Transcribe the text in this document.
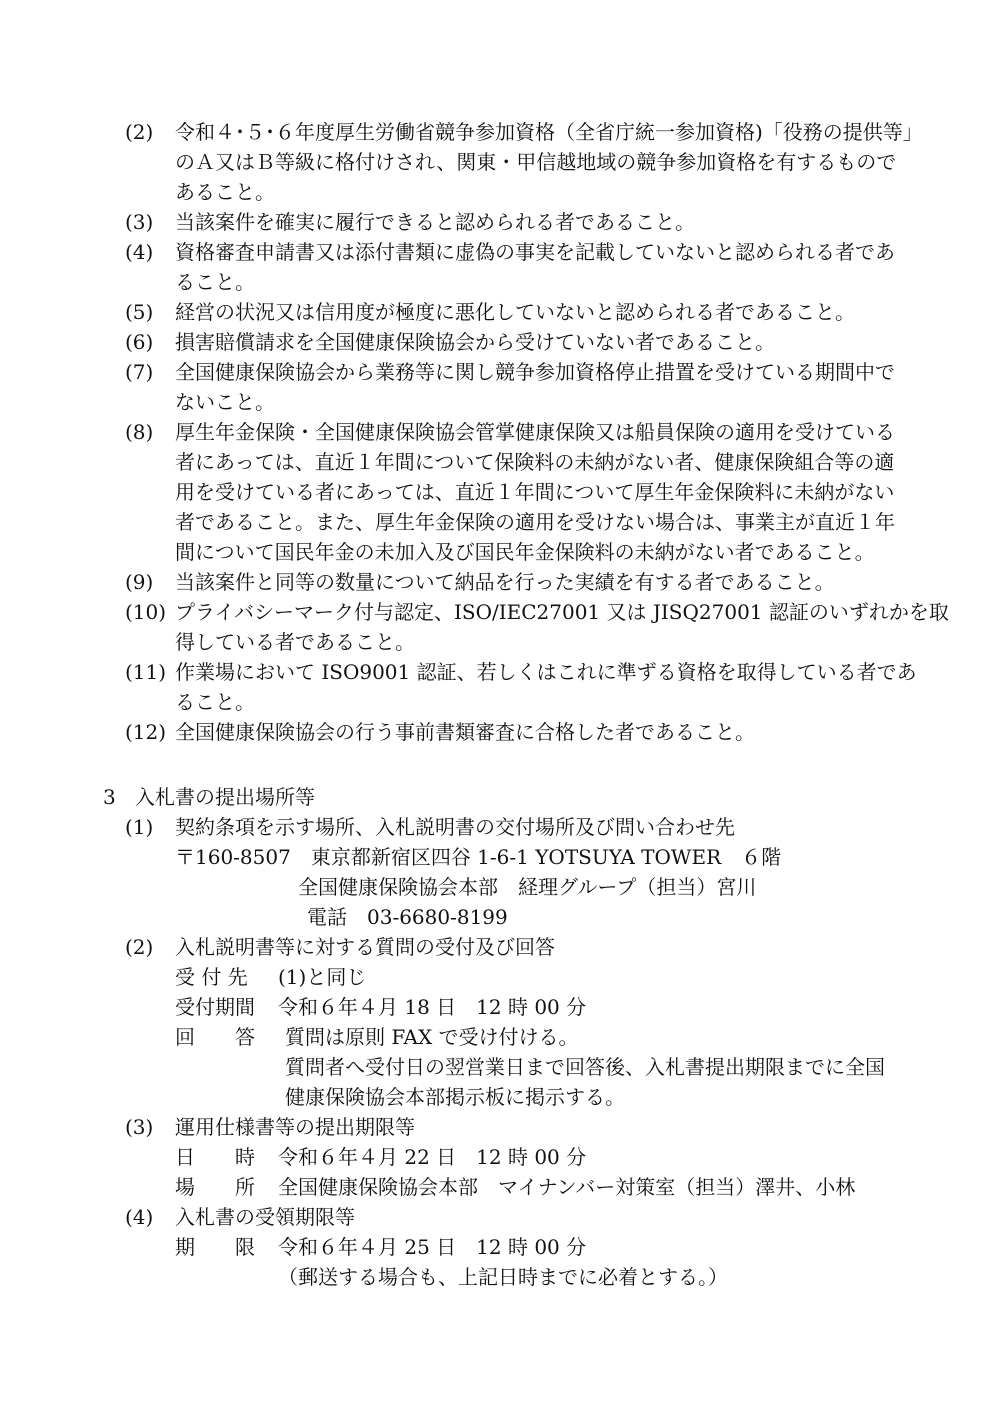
(2) 令和４･５･６年度厚生労働省競争参加資格（全省庁統一参加資格)「役務の提供等」
のＡ又はＢ等級に格付けされ、関東・甲信越地域の競争参加資格を有するもので
あること。
(3) 当該案件を確実に履行できると認められる者であること。
(4) 資格審査申請書又は添付書類に虚偽の事実を記載していないと認められる者であ
ること。
(5) 経営の状況又は信用度が極度に悪化していないと認められる者であること。
(6) 損害賠償請求を全国健康保険協会から受けていない者であること。
(7) 全国健康保険協会から業務等に関し競争参加資格停止措置を受けている期間中で
ないこと。
(8) 厚生年金保険・全国健康保険協会管掌健康保険又は船員保険の適用を受けている
者にあっては、直近１年間について保険料の未納がない者、健康保険組合等の適
用を受けている者にあっては、直近１年間について厚生年金保険料に未納がない
者であること。また、厚生年金保険の適用を受けない場合は、事業主が直近１年
間について国民年金の未加入及び国民年金保険料の未納がない者であること。
(9) 当該案件と同等の数量について納品を行った実績を有する者であること。
(10) プライバシーマーク付与認定、ISO/IEC27001 又は JISQ27001 認証のいずれかを取
得している者であること。
(11) 作業場において ISO9001 認証、若しくはこれに準ずる資格を取得している者であ
ること。
(12) 全国健康保険協会の行う事前書類審査に合格した者であること。
3 入札書の提出場所等
(1) 契約条項を示す場所、入札説明書の交付場所及び問い合わせ先
〒160-8507　東京都新宿区四谷 1-6-1 YOTSUYA TOWER　６階
全国健康保険協会本部　経理グループ（担当）宮川
電話　03-6680-8199
(2) 入札説明書等に対する質問の受付及び回答
受 付 先 (1)と同じ
受付期間 令和６年４月 18 日　12 時 00 分
回　　答 質問は原則 FAX で受け付ける。
質問者へ受付日の翌営業日まで回答後、入札書提出期限までに全国
健康保険協会本部掲示板に掲示する。
(3) 運用仕様書等の提出期限等
日　　時 令和６年４月 22 日　12 時 00 分
場　　所 全国健康保険協会本部　マイナンバー対策室（担当）澤井、小林
(4) 入札書の受領期限等
期　　限 令和６年４月 25 日　12 時 00 分
（郵送する場合も、上記日時までに必着とする。）
